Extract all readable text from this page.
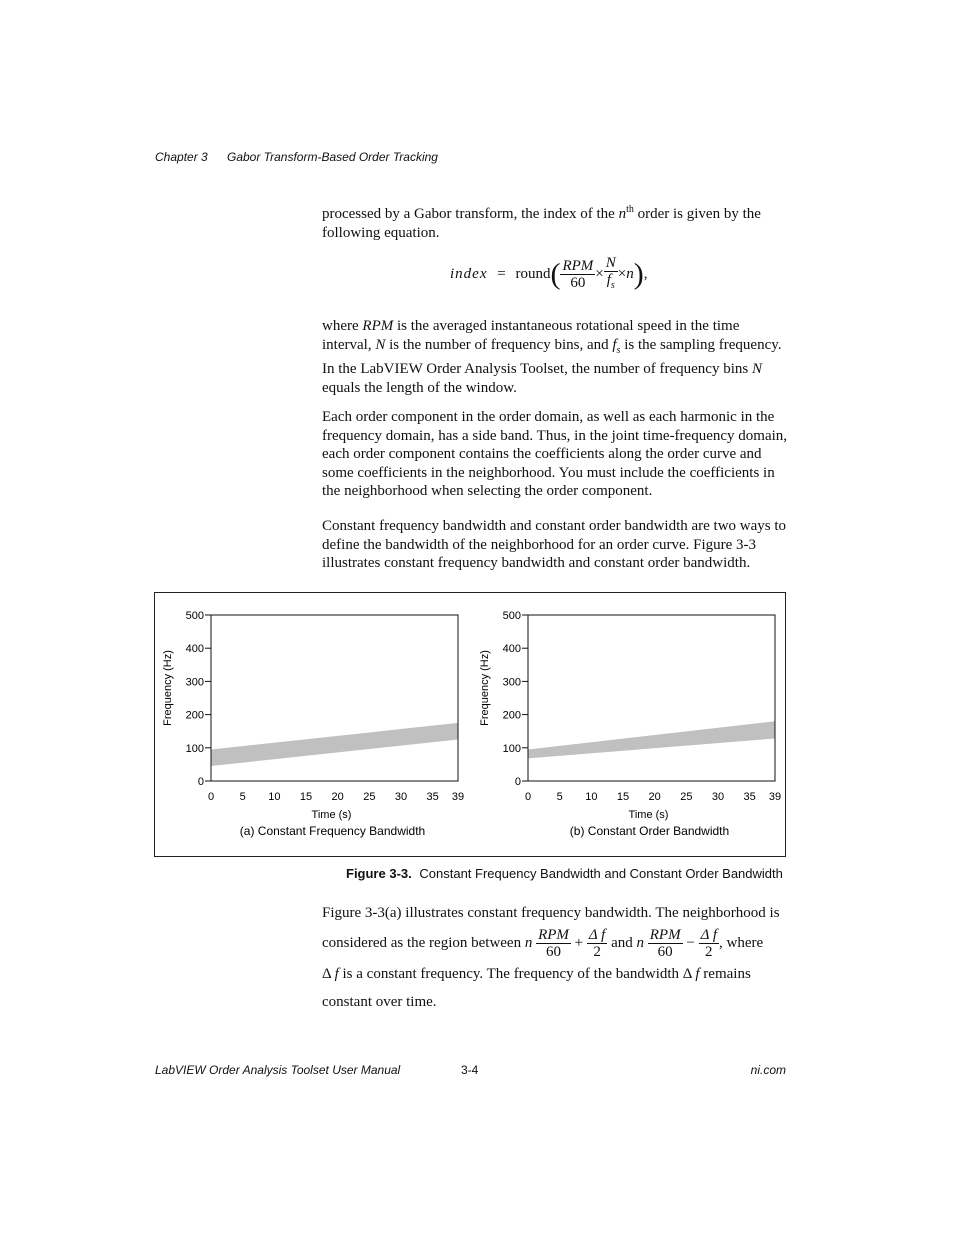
Chapter 3 Gabor Transform-Based Order Tracking
processed by a Gabor transform, the index of the $n^{th}$ order is given by the following equation.
index = round( $\frac{\text{RPM}}{60} \times \frac{N}{f_s} \times n$),
where RPM is the averaged instantaneous rotational speed in the time interval, N is the number of frequency bins, and $f_s$ is the sampling frequency. In the LabVIEW Order Analysis Toolset, the number of frequency bins N equals the length of the window.
Each order component in the order domain, as well as each harmonic in the frequency domain, has a side band. Thus, in the joint time-frequency domain, each order component contains the coefficients along the order curve and some coefficients in the neighborhood. You must include the coefficients in the neighborhood when selecting the order component.
Constant frequency bandwidth and constant order bandwidth are two ways to define the bandwidth of the neighborhood for an order curve. Figure 3-3 illustrates constant frequency bandwidth and constant order bandwidth.
0
100
200
300
400
500
0 5 10 15 20 25 30 35 39
Time (s)
Frequency (Hz)
(a) Constant Frequency Bandwidth
0
100
200
300
400
500
0 5 10 15 20 25 30 35 39
Time (s)
Frequency (Hz)
(b) Constant Order Bandwidth
Figure 3-3. Constant Frequency Bandwidth and Constant Order Bandwidth
Figure 3-3(a) illustrates constant frequency bandwidth. The neighborhood is considered as the region between n $\frac{\text{RPM}}{60} + \frac{\text{Δ f}}{2}$ and n $\frac{\text{RPM}}{60} - \frac{\text{Δ f}}{2}$ , where
Δ f is a constant frequency. The frequency of the bandwidth Δ f remains constant over time.
LabVIEW Order Analysis Toolset User Manual	3-4	ni.com
